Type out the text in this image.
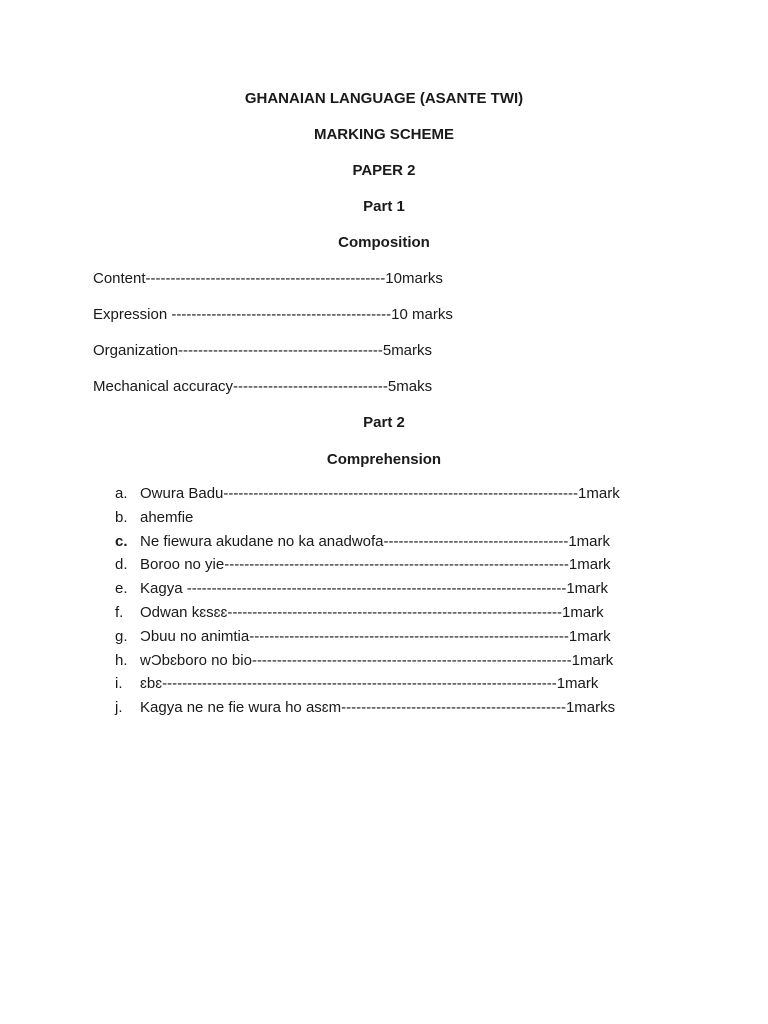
GHANAIAN LANGUAGE (ASANTE TWI)
MARKING SCHEME
PAPER 2
Part 1
Composition
Content------------------------------------------------10marks
Expression --------------------------------------------10 marks
Organization-----------------------------------------5marks
Mechanical accuracy-------------------------------5maks
Part 2
Comprehension
a. Owura Badu-----------------------------------------------------------------------1mark
b. ahemfie
c. Ne fiewura akudane no ka anadwofa-------------------------------------1mark
d. Boroo no yie---------------------------------------------------------------------1mark
e. Kagya ----------------------------------------------------------------------------1mark
f. Odwan kɛsɛɛ-------------------------------------------------------------------1mark
g. Ɔbuu no animtia----------------------------------------------------------------1mark
h. wƆbɛboro no bio----------------------------------------------------------------1mark
i. ɛbɛ-------------------------------------------------------------------------------1mark
j. Kagya ne ne fie wura ho asɛm---------------------------------------------1marks
